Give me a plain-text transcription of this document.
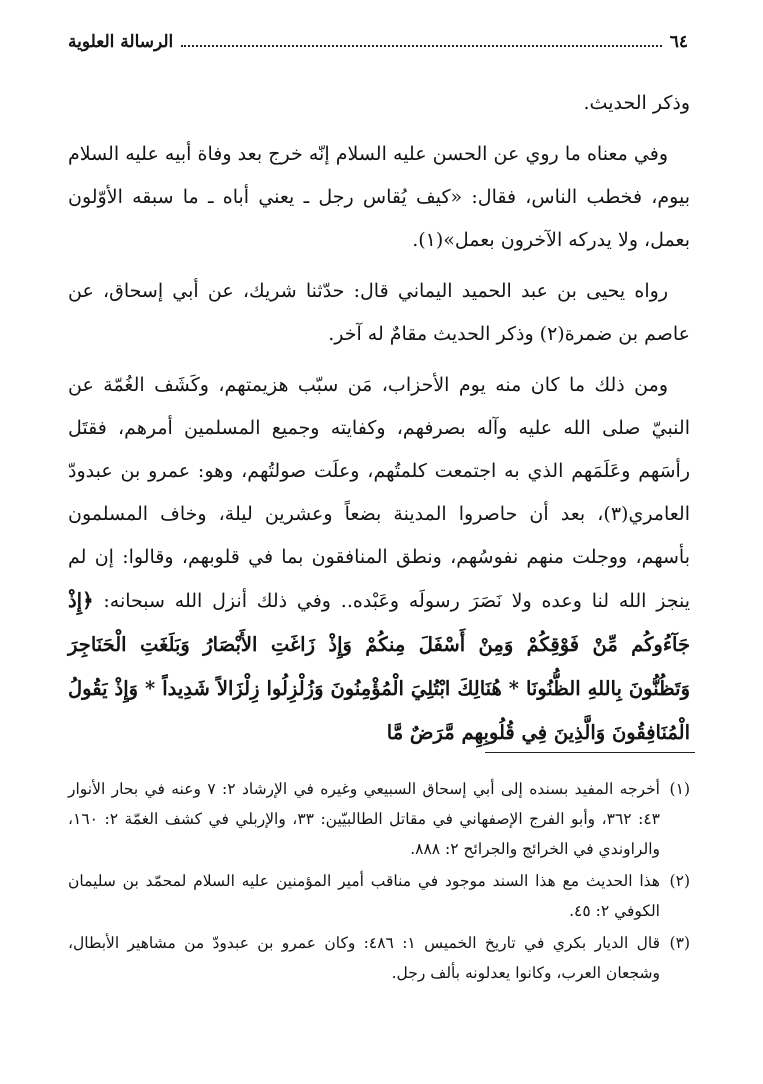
٦٤
الرسالة العلوية

وذكر الحديث.

وفي معناه ما روي عن الحسن عليه السلام إنّه خرج بعد وفاة أبيه عليه السلام بيوم، فخطب الناس، فقال: «كيف يُقاس رجل ـ يعني أباه ـ ما سبقه الأوّلون بعمل، ولا يدركه الآخرون بعمل»(١).

رواه يحيى بن عبد الحميد اليماني قال: حدّثنا شريك، عن أبي إسحاق، عن عاصم بن ضمرة(٢) وذكر الحديث مقامٌ له آخر.

ومن ذلك ما كان منه يوم الأحزاب، مَن سبّب هزيمتهم، وكَشَف الغُمّة عن النبيّ صلى الله عليه وآله بصرفهم، وكفايته وجميع المسلمين أمرهم، فقتَل رأسَهم وعَلَمَهم الذي به اجتمعت كلمتُهم، وعلَت صولتُهم، وهو: عمرو بن عبدودّ العامري(٣)، بعد أن حاصروا المدينة بضعاً وعشرين ليلة، وخاف المسلمون بأسهم، ووجلت منهم نفوسُهم، ونطق المنافقون بما في قلوبهم، وقالوا: إن لم ينجز الله لنا وعده ولا نَصَرَ رسولَه وعَبْده.. وفي ذلك أنزل الله سبحانه: ﴿إِذْ جَآءُوكُم مِّنْ فَوْقِكُمْ وَمِنْ أَسْفَلَ مِنكُمْ وَإِذْ زَاغَتِ الأَبْصَارُ وَبَلَغَتِ الْحَنَاجِرَ وَتَظُنُّونَ بِاللهِ الظُّنُونَا * هُنَالِكَ ابْتُلِيَ الْمُؤْمِنُونَ وَزُلْزِلُوا زِلْزَالاً شَدِيداً * وَإِذْ يَقُولُ الْمُنَافِقُونَ وَالَّذِينَ فِي قُلُوبِهِم مَّرَضٌ مَّا

(١)
أخرجه المفيد بسنده إلى أبي إسحاق السبيعي وغيره في الإرشاد ٢: ٧ وعنه في بحار الأنوار ٤٣: ٣٦٢، وأبو الفرج الإصفهاني في مقاتل الطالبيّين: ٣٣، والإربلي في كشف الغمّة ٢: ١٦٠، والراوندي في الخرائج والجرائح ٢: ٨٨٨.
(٢)
هذا الحديث مع هذا السند موجود في مناقب أمير المؤمنين عليه السلام لمحمّد بن سليمان الكوفي ٢: ٤٥.
(٣)
قال الديار بكري في تاريخ الخميس ١: ٤٨٦: وكان عمرو بن عبدودّ من مشاهير الأبطال، وشجعان العرب، وكانوا يعدلونه بألف رجل.
